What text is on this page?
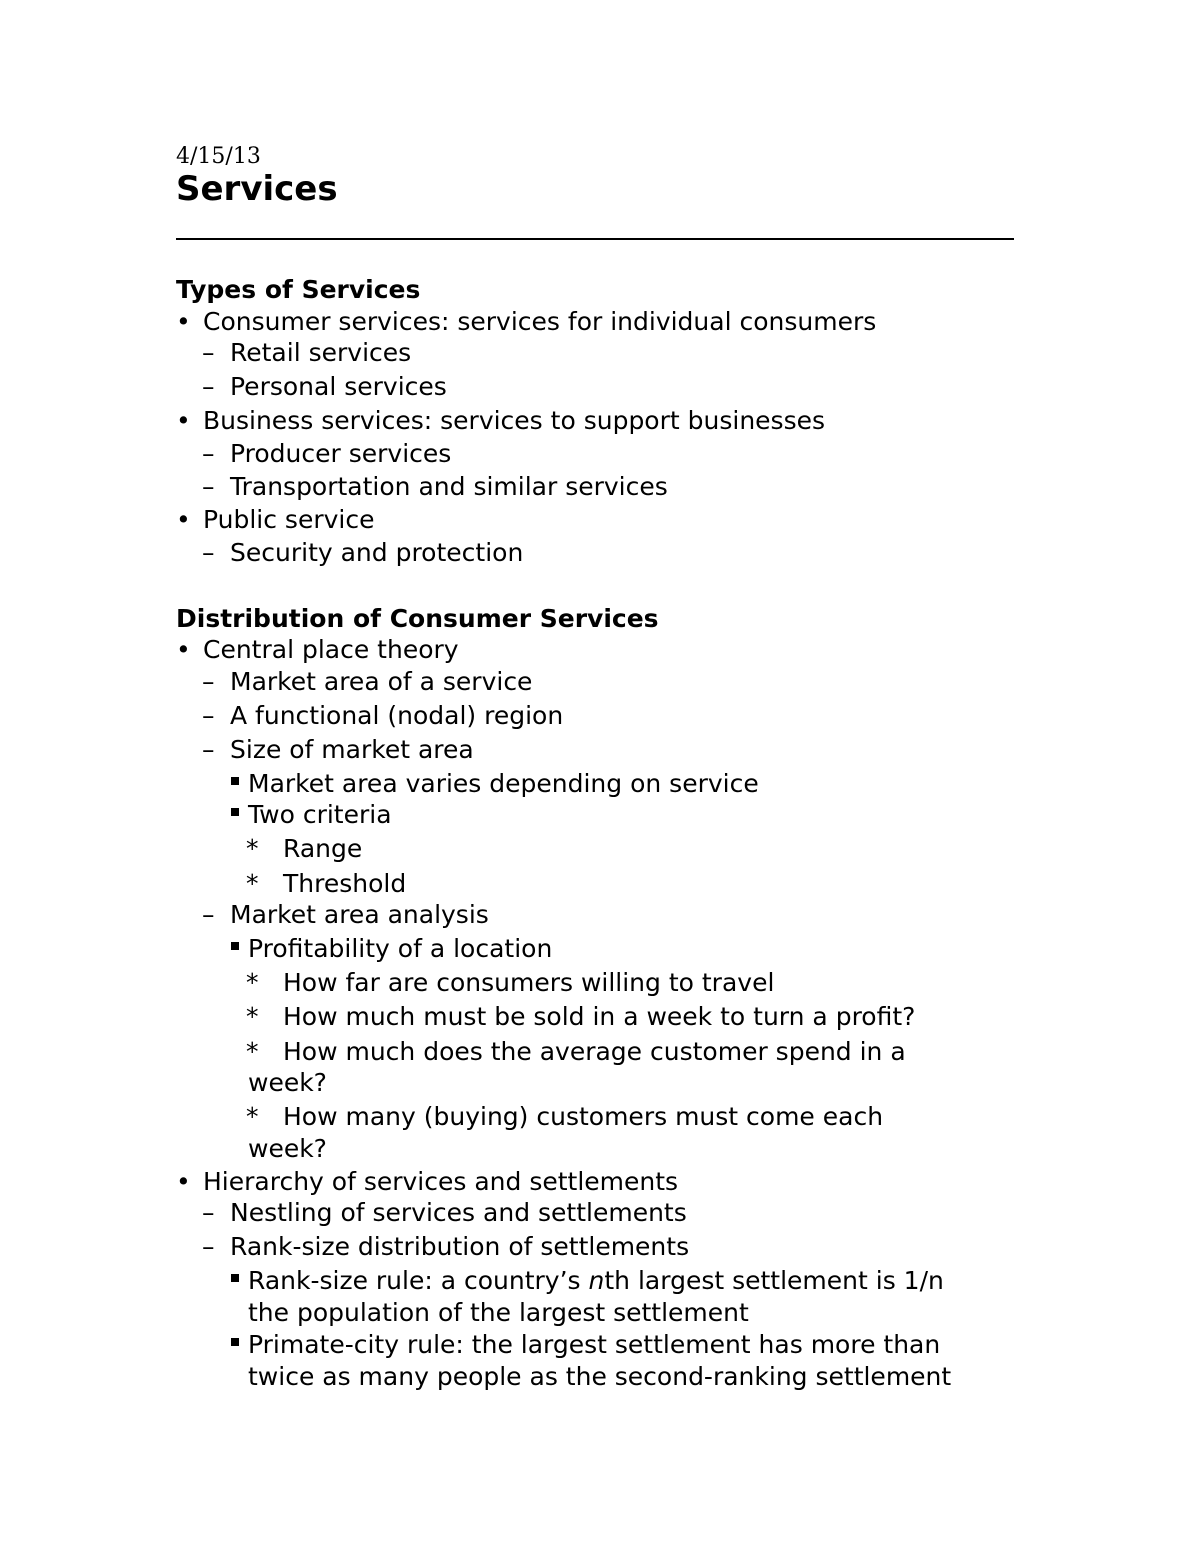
4/15/13
Services
Types of Services
• Consumer services: services for individual consumers
– Retail services
– Personal services
• Business services: services to support businesses
– Producer services
– Transportation and similar services
• Public service
– Security and protection
Distribution of Consumer Services
• Central place theory
– Market area of a service
– A functional (nodal) region
– Size of market area
Market area varies depending on service
Two criteria
* Range
* Threshold
– Market area analysis
Profitability of a location
* How far are consumers willing to travel
* How much must be sold in a week to turn a profit?
* How much does the average customer spend in a
week?
* How many (buying) customers must come each
week?
• Hierarchy of services and settlements
– Nestling of services and settlements
– Rank-size distribution of settlements
Rank-size rule: a country’s nth largest settlement is 1/n
the population of the largest settlement
Primate-city rule: the largest settlement has more than
twice as many people as the second-ranking settlement
